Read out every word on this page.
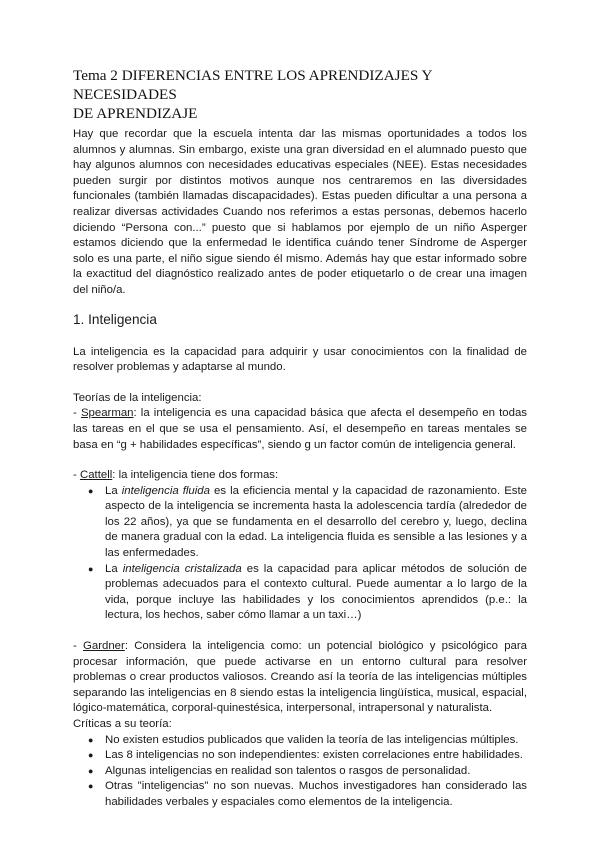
Tema 2 DIFERENCIAS ENTRE LOS APRENDIZAJES Y NECESIDADES
DE APRENDIZAJE

Hay que recordar que la escuela intenta dar las mismas oportunidades a todos los alumnos y alumnas. Sin embargo, existe una gran diversidad en el alumnado puesto que hay algunos alumnos con necesidades educativas especiales (NEE). Estas necesidades pueden surgir por distintos motivos aunque nos centraremos en las diversidades funcionales (también llamadas discapacidades). Estas pueden dificultar a una persona a realizar diversas actividades Cuando nos referimos a estas personas, debemos hacerlo diciendo “Persona con...” puesto que si hablamos por ejemplo de un niño Asperger estamos diciendo que la enfermedad le identifica cuándo tener Síndrome de Asperger solo es una parte, el niño sigue siendo él mismo. Además hay que estar informado sobre la exactitud del diagnóstico realizado antes de poder etiquetarlo o de crear una imagen del niño/a.

1. Inteligencia

La inteligencia es la capacidad para adquirir y usar conocimientos con la finalidad de resolver problemas y adaptarse al mundo.

Teorías de la inteligencia:

- Spearman: la inteligencia es una capacidad básica que afecta el desempeño en todas las tareas en el que se usa el pensamiento. Así, el desempeño en tareas mentales se basa en “g + habilidades específicas”, siendo g un factor común de inteligencia general.

- Cattell: la inteligencia tiene dos formas:

● La inteligencia fluida es la eficiencia mental y la capacidad de razonamiento. Este aspecto de la inteligencia se incrementa hasta la adolescencia tardía (alrededor de los 22 años), ya que se fundamenta en el desarrollo del cerebro y, luego, declina de manera gradual con la edad. La inteligencia fluida es sensible a las lesiones y a las enfermedades.
● La inteligencia cristalizada es la capacidad para aplicar métodos de solución de problemas adecuados para el contexto cultural. Puede aumentar a lo largo de la vida, porque incluye las habilidades y los conocimientos aprendidos (p.e.: la lectura, los hechos, saber cómo llamar a un taxi…)

- Gardner: Considera la inteligencia como: un potencial biológico y psicológico para procesar información, que puede activarse en un entorno cultural para resolver problemas o crear productos valiosos. Creando así la teoría de las inteligencias múltiples separando las inteligencias en 8 siendo estas la inteligencia lingüística, musical, espacial, lógico-matemática, corporal-quinestésica, interpersonal, intrapersonal y naturalista.

Críticas a su teoría:

● No existen estudios publicados que validen la teoría de las inteligencias múltiples.
● Las 8 inteligencias no son independientes: existen correlaciones entre habilidades.
● Algunas inteligencias en realidad son talentos o rasgos de personalidad.
● Otras "inteligencias" no son nuevas. Muchos investigadores han considerado las habilidades verbales y espaciales como elementos de la inteligencia.
